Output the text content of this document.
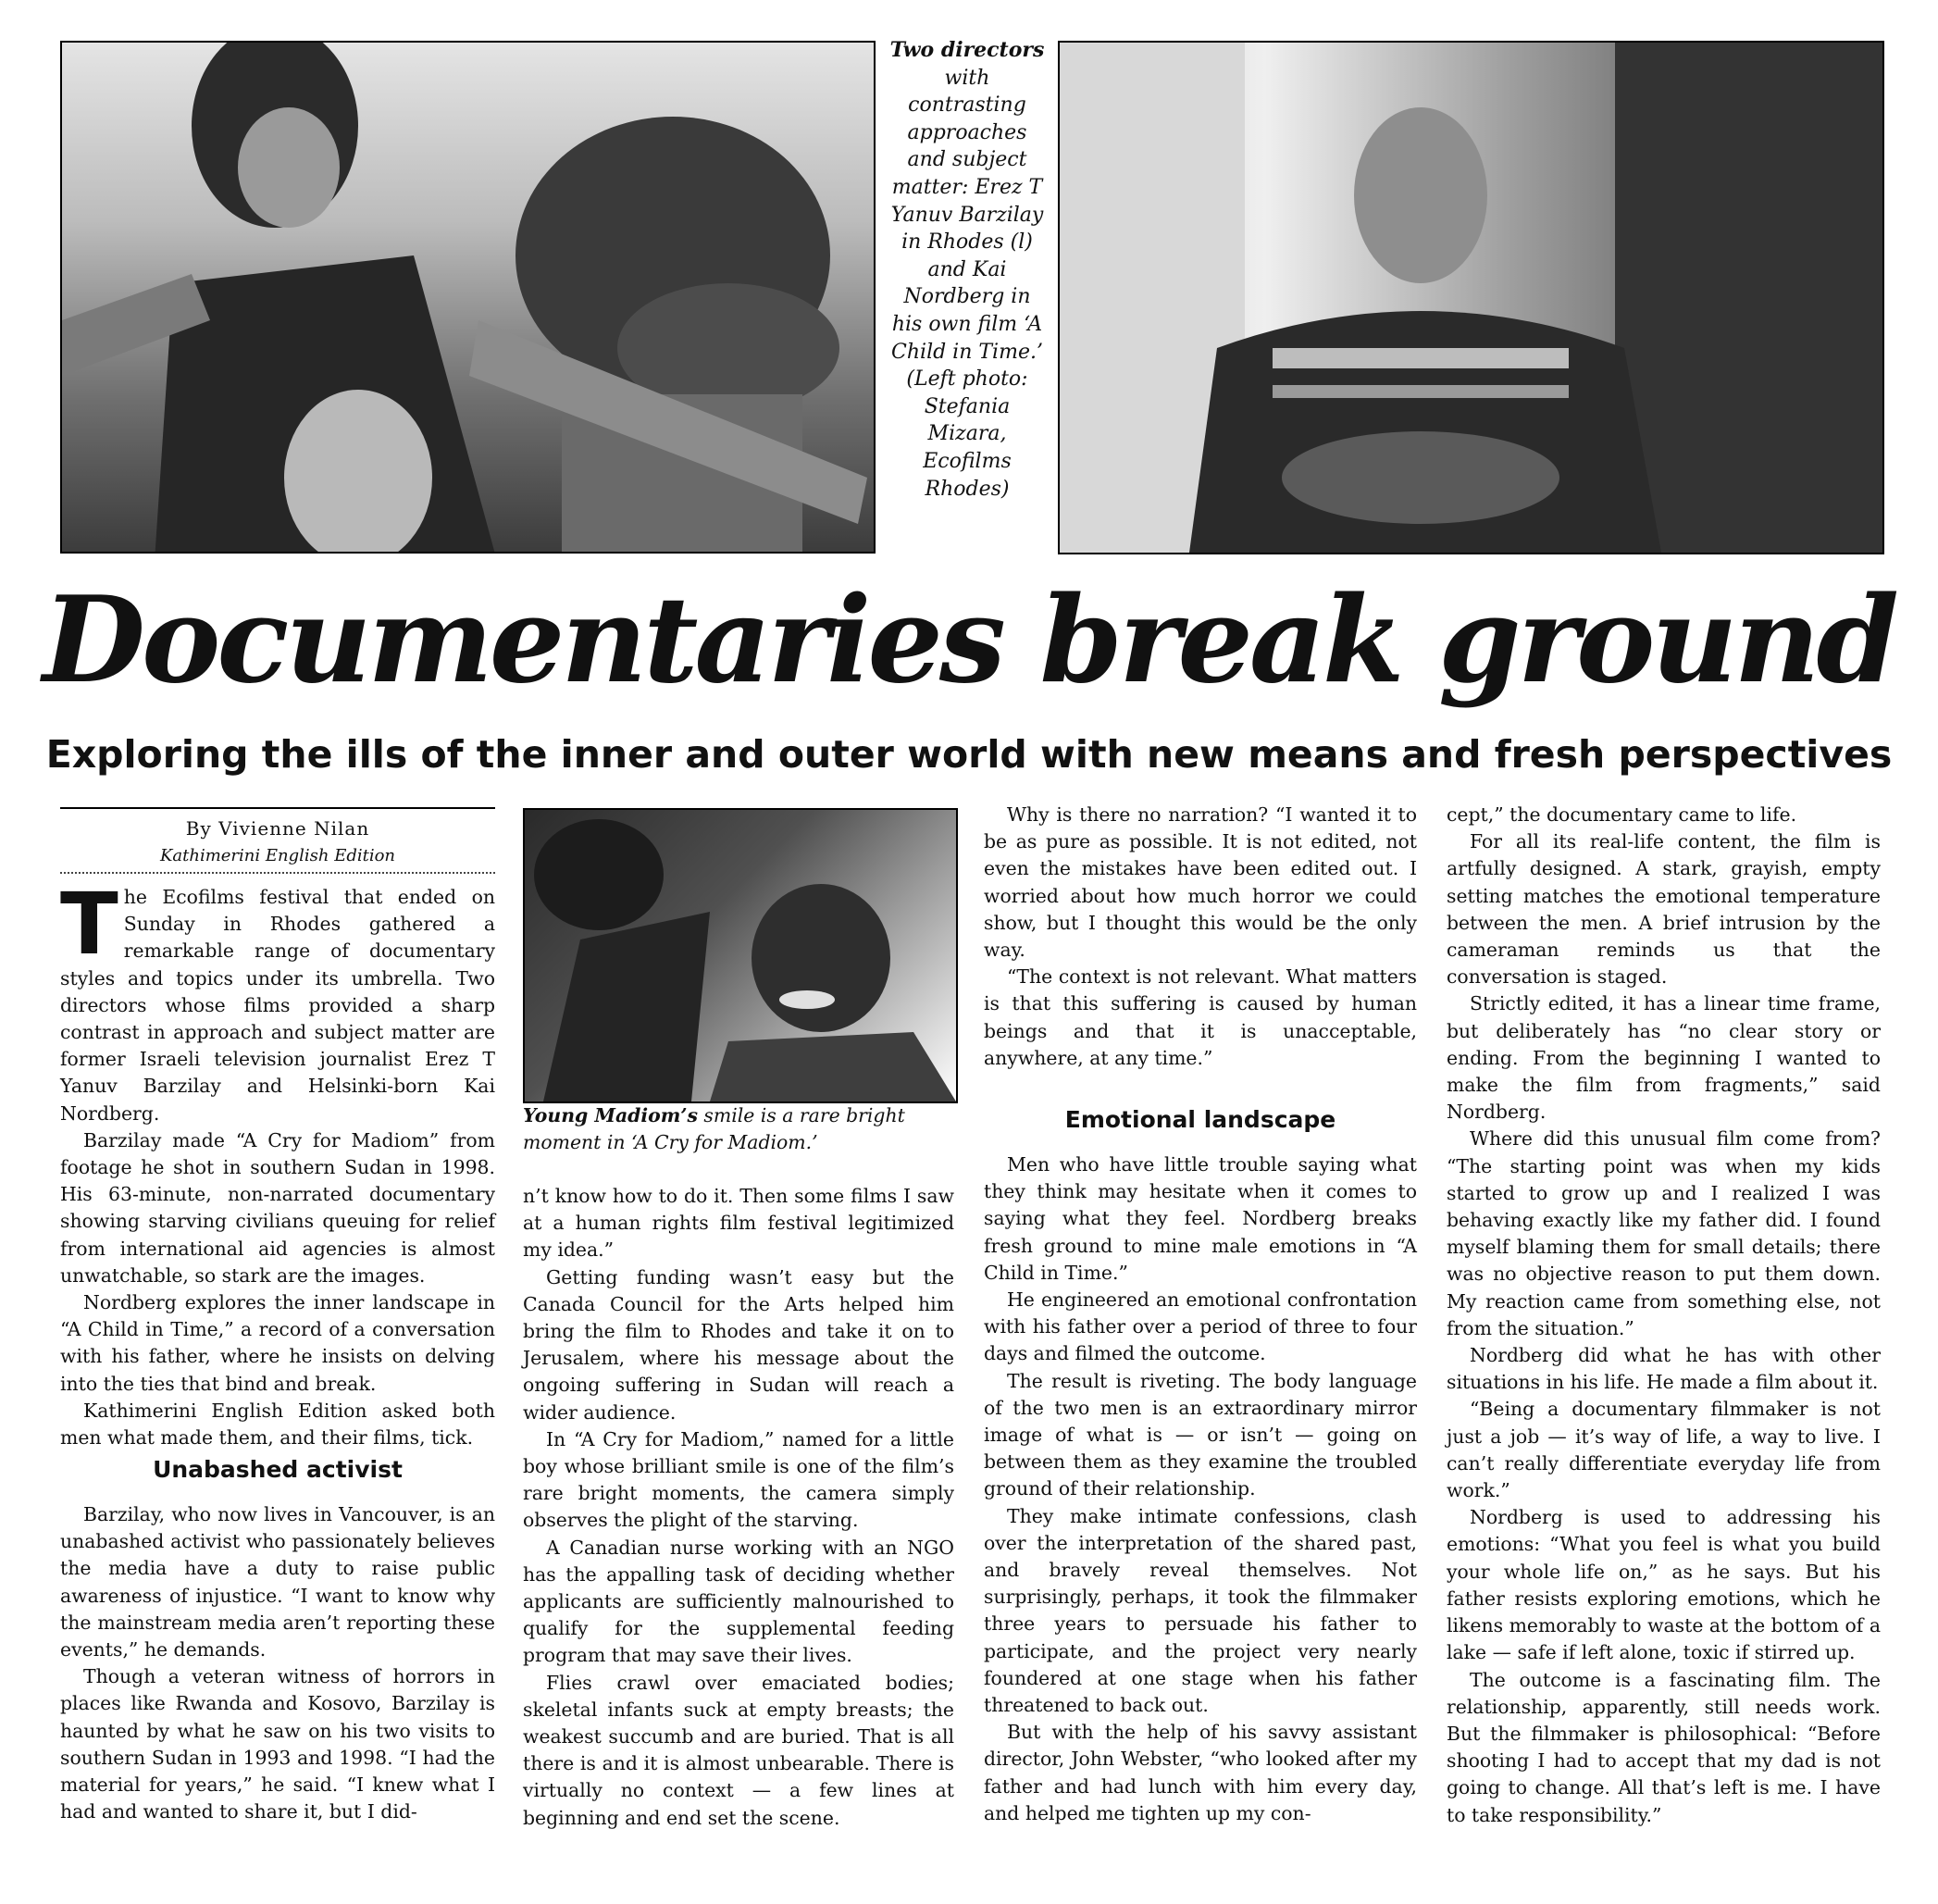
Two directors with contrasting approaches and subject matter: Erez T Yanuv Barzilay in Rhodes (l) and Kai Nordberg in his own film ‘A Child in Time.’ (Left photo: Stefania Mizara, Ecofilms Rhodes)

Documentaries break ground
Exploring the ills of the inner and outer world with new means and fresh perspectives
By Vivienne Nilan
Kathimerini English Edition

The Ecofilms festival that ended on Sunday in Rhodes gathered a remarkable range of documentary styles and topics under its umbrella. Two directors whose films provided a sharp contrast in approach and subject matter are former Israeli television journalist Erez T Yanuv Barzilay and Helsinki-born Kai Nordberg.

Barzilay made “A Cry for Madiom” from footage he shot in southern Sudan in 1998. His 63-minute, non-narrated documentary showing starving civilians queuing for relief from international aid agencies is almost unwatchable, so stark are the images.

Nordberg explores the inner landscape in “A Child in Time,” a record of a conversation with his father, where he insists on delving into the ties that bind and break.

Kathimerini English Edition asked both men what made them, and their films, tick.

Unabashed activist

Barzilay, who now lives in Vancouver, is an unabashed activist who passionately believes the media have a duty to raise public awareness of injustice. “I want to know why the mainstream media aren’t reporting these events,” he demands.

Though a veteran witness of horrors in places like Rwanda and Kosovo, Barzilay is haunted by what he saw on his two visits to southern Sudan in 1993 and 1998. “I had the material for years,” he said. “I knew what I had and wanted to share it, but I did-

Young Madiom’s smile is a rare bright moment in ‘A Cry for Madiom.’

n’t know how to do it. Then some films I saw at a human rights film festival legitimized my idea.”

Getting funding wasn’t easy but the Canada Council for the Arts helped him bring the film to Rhodes and take it on to Jerusalem, where his message about the ongoing suffering in Sudan will reach a wider audience.

In “A Cry for Madiom,” named for a little boy whose brilliant smile is one of the film’s rare bright moments, the camera simply observes the plight of the starving.

A Canadian nurse working with an NGO has the appalling task of deciding whether applicants are sufficiently malnourished to qualify for the supplemental feeding program that may save their lives.

Flies crawl over emaciated bodies; skeletal infants suck at empty breasts; the weakest succumb and are buried. That is all there is and it is almost unbearable. There is virtually no context — a few lines at beginning and end set the scene.

Why is there no narration? “I wanted it to be as pure as possible. It is not edited, not even the mistakes have been edited out. I worried about how much horror we could show, but I thought this would be the only way.

“The context is not relevant. What matters is that this suffering is caused by human beings and that it is unacceptable, anywhere, at any time.”

Emotional landscape

Men who have little trouble saying what they think may hesitate when it comes to saying what they feel. Nordberg breaks fresh ground to mine male emotions in “A Child in Time.”

He engineered an emotional confrontation with his father over a period of three to four days and filmed the outcome.

The result is riveting. The body language of the two men is an extraordinary mirror image of what is — or isn’t — going on between them as they examine the troubled ground of their relationship.

They make intimate confessions, clash over the interpretation of the shared past, and bravely reveal themselves. Not surprisingly, perhaps, it took the filmmaker three years to persuade his father to participate, and the project very nearly foundered at one stage when his father threatened to back out.

But with the help of his savvy assistant director, John Webster, “who looked after my father and had lunch with him every day, and helped me tighten up my con-

cept,” the documentary came to life.

For all its real-life content, the film is artfully designed. A stark, grayish, empty setting matches the emotional temperature between the men. A brief intrusion by the cameraman reminds us that the conversation is staged.

Strictly edited, it has a linear time frame, but deliberately has “no clear story or ending. From the beginning I wanted to make the film from fragments,” said Nordberg.

Where did this unusual film come from? “The starting point was when my kids started to grow up and I realized I was behaving exactly like my father did. I found myself blaming them for small details; there was no objective reason to put them down. My reaction came from something else, not from the situation.”

Nordberg did what he has with other situations in his life. He made a film about it.

“Being a documentary filmmaker is not just a job — it’s way of life, a way to live. I can’t really differentiate everyday life from work.”

Nordberg is used to addressing his emotions: “What you feel is what you build your whole life on,” as he says. But his father resists exploring emotions, which he likens memorably to waste at the bottom of a lake — safe if left alone, toxic if stirred up.

The outcome is a fascinating film. The relationship, apparently, still needs work. But the filmmaker is philosophical: “Before shooting I had to accept that my dad is not going to change. All that’s left is me. I have to take responsibility.”
